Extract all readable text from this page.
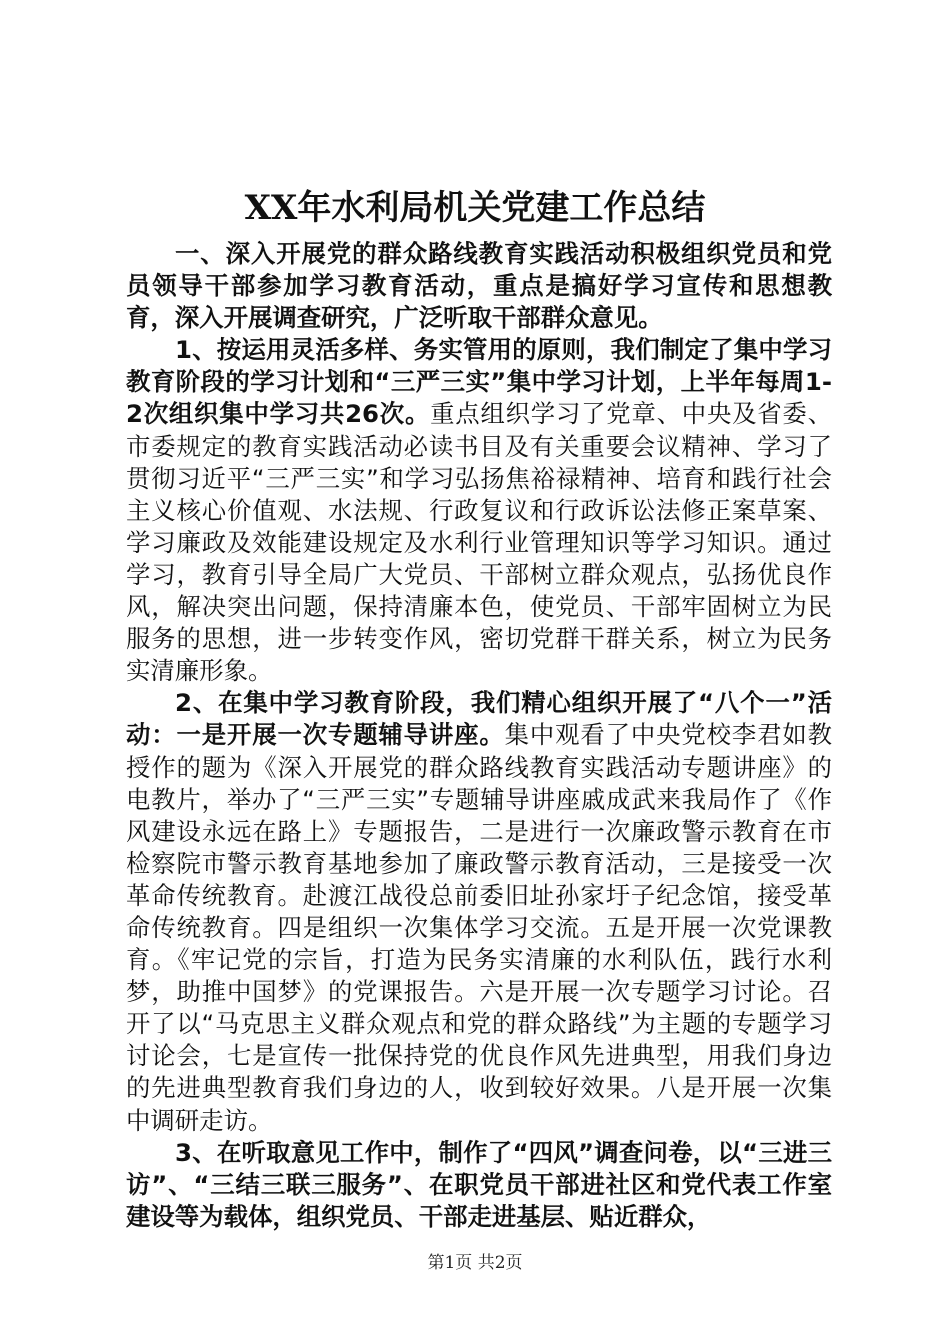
XX年水利局机关党建工作总结

一、深入开展党的群众路线教育实践活动积极组织党员和党员领导干部参加学习教育活动，重点是搞好学习宣传和思想教育，深入开展调查研究，广泛听取干部群众意见。

1、按运用灵活多样、务实管用的原则，我们制定了集中学习教育阶段的学习计划和“三严三实”集中学习计划，上半年每周1-2次组织集中学习共26次。重点组织学习了党章、中央及省委、市委规定的教育实践活动必读书目及有关重要会议精神、学习了贯彻习近平“三严三实”和学习弘扬焦裕禄精神、培育和践行社会主义核心价值观、水法规、行政复议和行政诉讼法修正案草案、学习廉政及效能建设规定及水利行业管理知识等学习知识。通过学习，教育引导全局广大党员、干部树立群众观点，弘扬优良作风，解决突出问题，保持清廉本色，使党员、干部牢固树立为民服务的思想，进一步转变作风，密切党群干群关系，树立为民务实清廉形象。

2、在集中学习教育阶段，我们精心组织开展了“八个一”活动：一是开展一次专题辅导讲座。集中观看了中央党校李君如教授作的题为《深入开展党的群众路线教育实践活动专题讲座》的电教片，举办了“三严三实”专题辅导讲座戚成武来我局作了《作风建设永远在路上》专题报告，二是进行一次廉政警示教育在市检察院市警示教育基地参加了廉政警示教育活动，三是接受一次革命传统教育。赴渡江战役总前委旧址孙家圩子纪念馆，接受革命传统教育。四是组织一次集体学习交流。五是开展一次党课教育。《牢记党的宗旨，打造为民务实清廉的水利队伍，践行水利梦，助推中国梦》的党课报告。六是开展一次专题学习讨论。召开了以“马克思主义群众观点和党的群众路线”为主题的专题学习讨论会，七是宣传一批保持党的优良作风先进典型，用我们身边的先进典型教育我们身边的人，收到较好效果。八是开展一次集中调研走访。

3、在听取意见工作中，制作了“四风”调查问卷，以“三进三访”、“三结三联三服务”、在职党员干部进社区和党代表工作室建设等为载体，组织党员、干部走进基层、贴近群众，

第1页 共2页
